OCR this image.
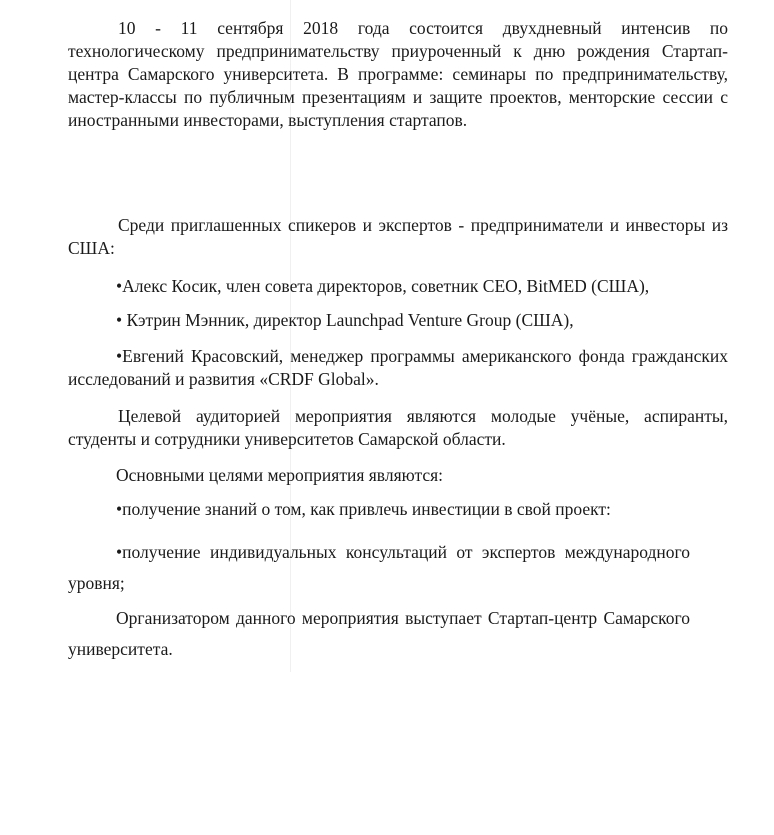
10 - 11 сентября 2018 года состоится двухдневный интенсив по технологическому предпринимательству приуроченный к дню рождения Стартап-центра Самарского университета. В программе: семинары по предпринимательству, мастер-классы по публичным презентациям и защите проектов, менторские сессии с иностранными инвесторами, выступления стартапов.

Среди приглашенных спикеров и экспертов - предприниматели и инвесторы из США:

•Алекс Косик, член совета директоров, советник CEO, BitMED (США),

• Кэтрин Мэнник, директор Launchpad Venture Group (США),

•Евгений Красовский, менеджер программы американского фонда гражданских исследований и развития «CRDF Global».

Целевой аудиторией мероприятия являются молодые учёные, аспиранты, студенты и сотрудники университетов Самарской области.

Основными целями мероприятия являются:

•получение знаний о том, как привлечь инвестиции в свой проект:

•получение индивидуальных консультаций от экспертов международного уровня;

Организатором данного мероприятия выступает Стартап-центр Самарского университета.
